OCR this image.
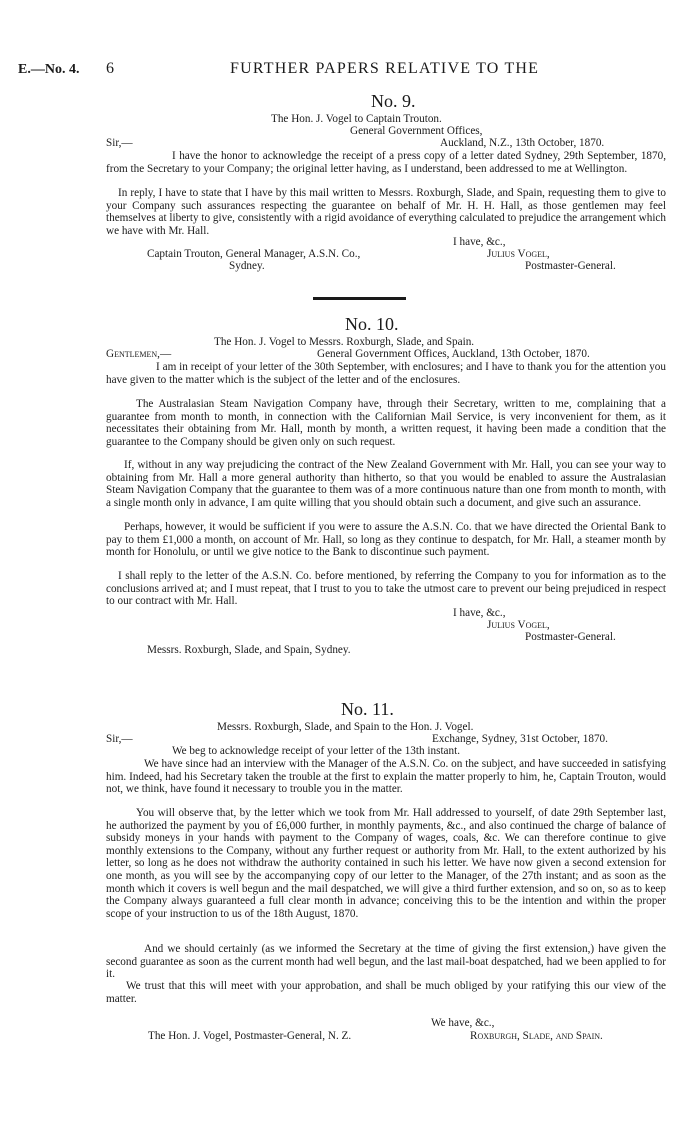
E.—No. 4. 6	FURTHER PAPERS RELATIVE TO THE
No. 9.
The Hon. J. Vogel to Captain Trouton.
General Government Offices,
Sir,—	Auckland, N.Z., 13th October, 1870.
I have the honor to acknowledge the receipt of a press copy of a letter dated Sydney, 29th September, 1870, from the Secretary to your Company; the original letter having, as I understand, been addressed to me at Wellington.
In reply, I have to state that I have by this mail written to Messrs. Roxburgh, Slade, and Spain, requesting them to give to your Company such assurances respecting the guarantee on behalf of Mr. H. H. Hall, as those gentlemen may feel themselves at liberty to give, consistently with a rigid avoidance of everything calculated to prejudice the arrangement which we have with Mr. Hall.
I have, &c.,
Captain Trouton, General Manager, A.S.N. Co.,	Julius Vogel,
Sydney.	Postmaster-General.
No. 10.
The Hon. J. Vogel to Messrs. Roxburgh, Slade, and Spain.
Gentlemen,—	General Government Offices, Auckland, 13th October, 1870.
I am in receipt of your letter of the 30th September, with enclosures; and I have to thank you for the attention you have given to the matter which is the subject of the letter and of the enclosures.
The Australasian Steam Navigation Company have, through their Secretary, written to me, complaining that a guarantee from month to month, in connection with the Californian Mail Service, is very inconvenient for them, as it necessitates their obtaining from Mr. Hall, month by month, a written request, it having been made a condition that the guarantee to the Company should be given only on such request.
If, without in any way prejudicing the contract of the New Zealand Government with Mr. Hall, you can see your way to obtaining from Mr. Hall a more general authority than hitherto, so that you would be enabled to assure the Australasian Steam Navigation Company that the guarantee to them was of a more continuous nature than one from month to month, with a single month only in advance, I am quite willing that you should obtain such a document, and give such an assurance.
Perhaps, however, it would be sufficient if you were to assure the A.S.N. Co. that we have directed the Oriental Bank to pay to them £1,000 a month, on account of Mr. Hall, so long as they continue to despatch, for Mr. Hall, a steamer month by month for Honolulu, or until we give notice to the Bank to discontinue such payment.
I shall reply to the letter of the A.S.N. Co. before mentioned, by referring the Company to you for information as to the conclusions arrived at; and I must repeat, that I trust to you to take the utmost care to prevent our being prejudiced in respect to our contract with Mr. Hall.
I have, &c.,
Julius Vogel,
Postmaster-General.
Messrs. Roxburgh, Slade, and Spain, Sydney.
No. 11.
Messrs. Roxburgh, Slade, and Spain to the Hon. J. Vogel.
Sir,—	Exchange, Sydney, 31st October, 1870.
We beg to acknowledge receipt of your letter of the 13th instant.
We have since had an interview with the Manager of the A.S.N. Co. on the subject, and have succeeded in satisfying him. Indeed, had his Secretary taken the trouble at the first to explain the matter properly to him, he, Captain Trouton, would not, we think, have found it necessary to trouble you in the matter.
You will observe that, by the letter which we took from Mr. Hall addressed to yourself, of date 29th September last, he authorized the payment by you of £6,000 further, in monthly payments, &c., and also continued the charge of balance of subsidy moneys in your hands with payment to the Company of wages, coals, &c. We can therefore continue to give monthly extensions to the Company, without any further request or authority from Mr. Hall, to the extent authorized by his letter, so long as he does not withdraw the authority contained in such his letter. We have now given a second extension for one month, as you will see by the accompanying copy of our letter to the Manager, of the 27th instant; and as soon as the month which it covers is well begun and the mail despatched, we will give a third further extension, and so on, so as to keep the Company always guaranteed a full clear month in advance; conceiving this to be the intention and within the proper scope of your instruction to us of the 18th August, 1870.
And we should certainly (as we informed the Secretary at the time of giving the first extension,) have given the second guarantee as soon as the current month had well begun, and the last mail-boat despatched, had we been applied to for it.
We trust that this will meet with your approbation, and shall be much obliged by your ratifying this our view of the matter.
We have, &c.,
The Hon. J. Vogel, Postmaster-General, N. Z.	Roxburgh, Slade, and Spain.
